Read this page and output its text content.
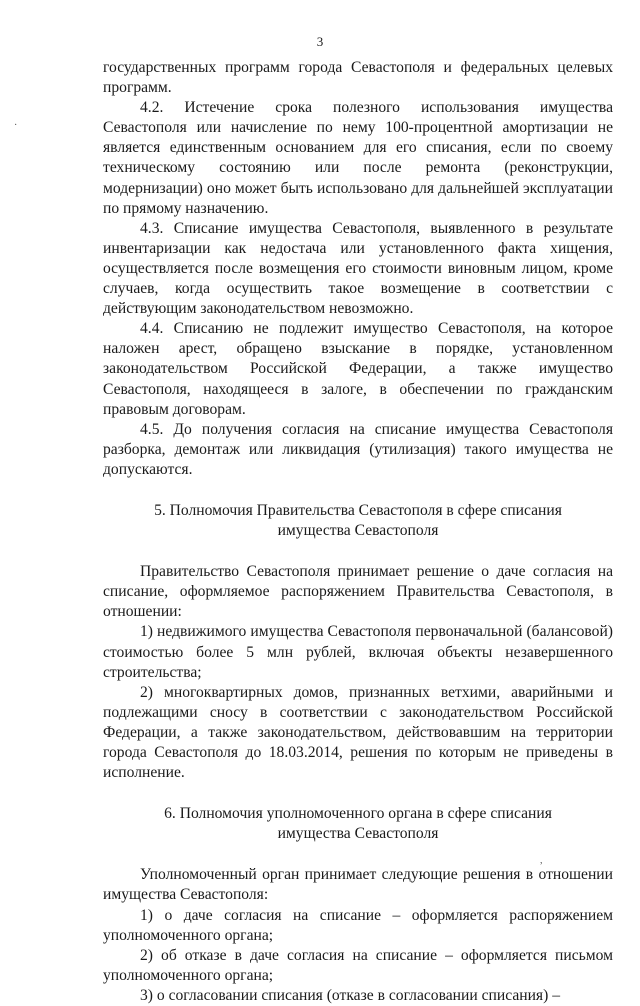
3

государственных программ города Севастополя и федеральных целевых программ.

4.2. Истечение срока полезного использования имущества Севастополя или начисление по нему 100-процентной амортизации не является единственным основанием для его списания, если по своему техническому состоянию или после ремонта (реконструкции, модернизации) оно может быть использовано для дальнейшей эксплуатации по прямому назначению.

4.3. Списание имущества Севастополя, выявленного в результате инвентаризации как недостача или установленного факта хищения, осуществляется после возмещения его стоимости виновным лицом, кроме случаев, когда осуществить такое возмещение в соответствии с действующим законодательством невозможно.

4.4. Списанию не подлежит имущество Севастополя, на которое наложен арест, обращено взыскание в порядке, установленном законодательством Российской Федерации, а также имущество Севастополя, находящееся в залоге, в обеспечении по гражданским правовым договорам.

4.5. До получения согласия на списание имущества Севастополя разборка, демонтаж или ликвидация (утилизация) такого имущества не допускаются.

5. Полномочия Правительства Севастополя в сфере списания

имущества Севастополя

Правительство Севастополя принимает решение о даче согласия на списание, оформляемое распоряжением Правительства Севастополя, в отношении:

1) недвижимого имущества Севастополя первоначальной (балансовой) стоимостью более 5 млн рублей, включая объекты незавершенного строительства;

2) многоквартирных домов, признанных ветхими, аварийными и подлежащими сносу в соответствии с законодательством Российской Федерации, а также законодательством, действовавшим на территории города Севастополя до 18.03.2014, решения по которым не приведены в исполнение.

6. Полномочия уполномоченного органа в сфере списания

имущества Севастополя

Уполномоченный орган принимает следующие решения в отношении имущества Севастополя:

1) о даче согласия на списание – оформляется распоряжением уполномоченного органа;

2) об отказе в даче согласия на списание – оформляется письмом уполномоченного органа;

3) о согласовании списания (отказе в согласовании списания) –

·
,
